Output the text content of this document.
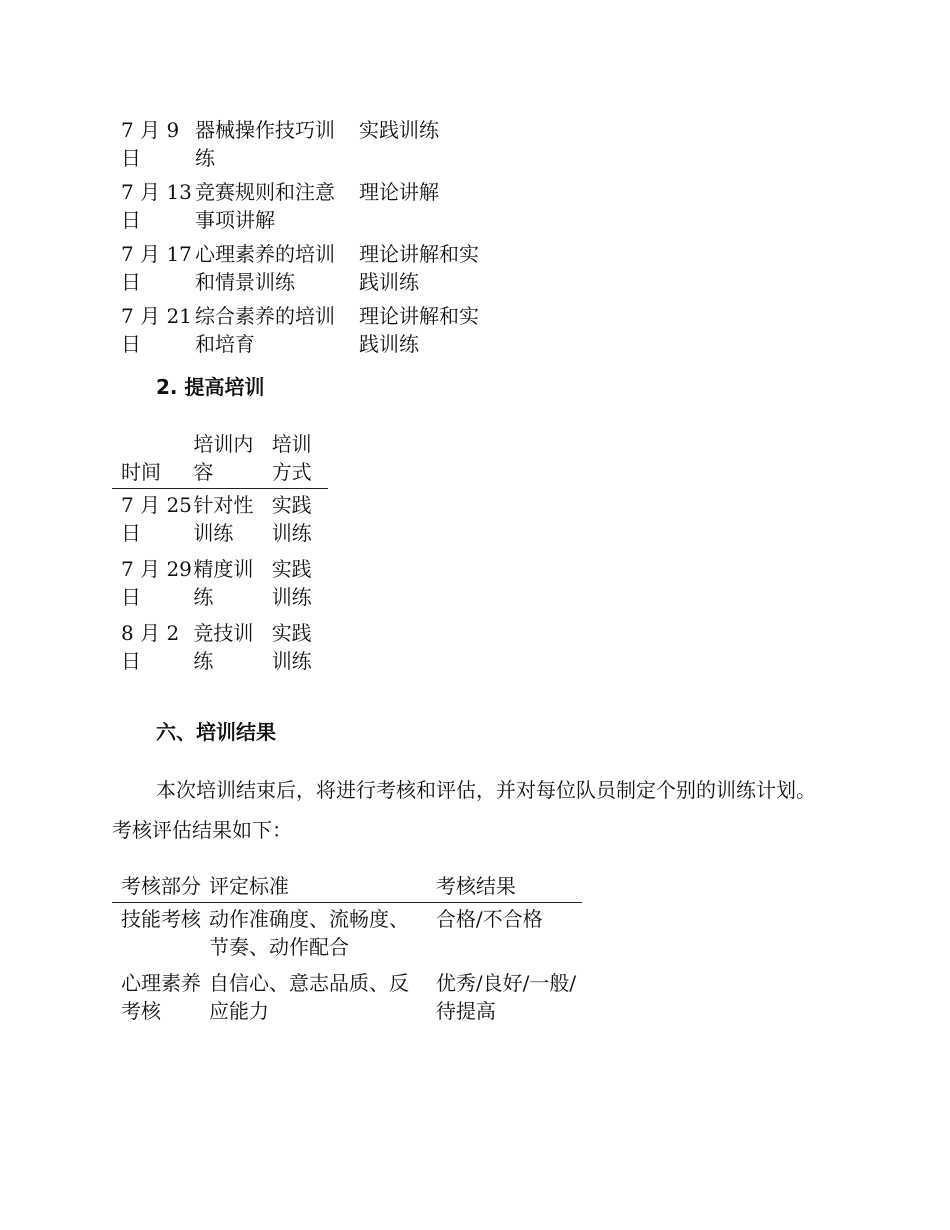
7 月 9 日	器械操作技巧训练	实践训练
7 月 13 日	竞赛规则和注意事项讲解	理论讲解
7 月 17 日	心理素养的培训和情景训练	理论讲解和实践训练
7 月 21 日	综合素养的培训和培育	理论讲解和实践训练
2. 提高培训
时间	培训内容	培训方式
7 月 25 日	针对性训练	实践训练
7 月 29 日	精度训练	实践训练
8 月 2 日	竞技训练	实践训练
六、培训结果
本次培训结束后，将进行考核和评估，并对每位队员制定个别的训练计划。考核评估结果如下：
考核部分	评定标准	考核结果
技能考核	动作准确度、流畅度、节奏、动作配合	合格/不合格
心理素养考核	自信心、意志品质、反应能力	优秀/良好/一般/待提高
